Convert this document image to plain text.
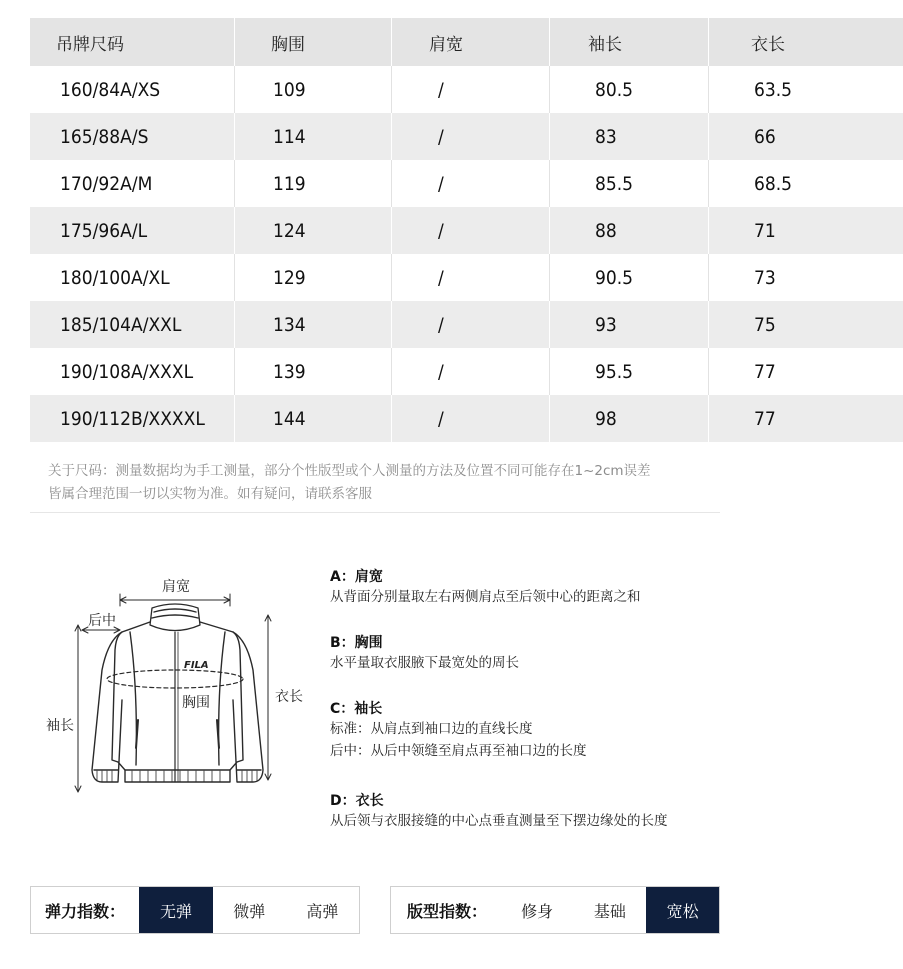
吊牌尺码	胸围	肩宽	袖长	衣长
160/84A/XS	109	/	80.5	63.5
165/88A/S	114	/	83	66
170/92A/M	119	/	85.5	68.5
175/96A/L	124	/	88	71
180/100A/XL	129	/	90.5	73
185/104A/XXL	134	/	93	75
190/108A/XXXL	139	/	95.5	77
190/112B/XXXXL	144	/	98	77
关于尺码：测量数据均为手工测量，部分个性版型或个人测量的方法及位置不同可能存在1~2cm误差
皆属合理范围一切以实物为准。如有疑问，请联系客服
肩宽
后中
胸围
袖长
衣长
FILA
A：肩宽
从背面分别量取左右两侧肩点至后领中心的距离之和
B：胸围
水平量取衣服腋下最宽处的周长
C：袖长
标准：从肩点到袖口边的直线长度
后中：从后中领缝至肩点再至袖口边的长度
D：衣长
从后领与衣服接缝的中心点垂直测量至下摆边缘处的长度
弹力指数：	无弹	微弹	高弹	版型指数：	修身	基础	宽松
